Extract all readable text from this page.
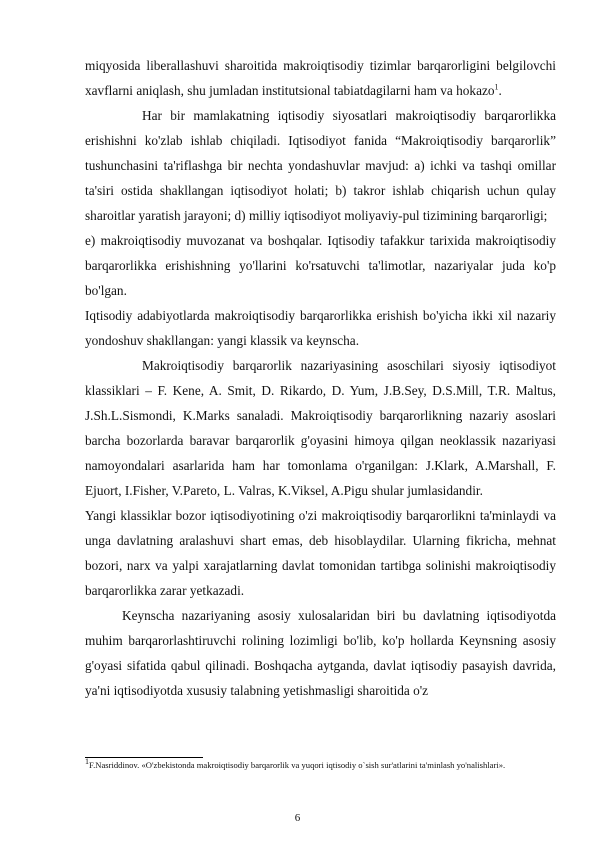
miqyosida liberallashuvi sharoitida makroiqtisodiy tizimlar barqarorligini belgilovchi xavflarni aniqlash, shu jumladan institutsional tabiatdagilarni ham va hokazo$^1$.

Har bir mamlakatning iqtisodiy siyosatlari makroiqtisodiy barqarorlikka erishishni ko'zlab ishlab chiqiladi. Iqtisodiyot fanida “Makroiqtisodiy barqarorlik” tushunchasini ta'riflashga bir nechta yondashuvlar mavjud: a) ichki va tashqi omillar ta'siri ostida shakllangan iqtisodiyot holati; b) takror ishlab chiqarish uchun qulay sharoitlar yaratish jarayoni; d) milliy iqtisodiyot moliyaviy-pul tizimining barqarorligi;

e) makroiqtisodiy muvozanat va boshqalar. Iqtisodiy tafakkur tarixida makroiqtisodiy barqarorlikka erishishning yo'llarini ko'rsatuvchi ta'limotlar, nazariyalar juda ko'p bo'lgan.

Iqtisodiy adabiyotlarda makroiqtisodiy barqarorlikka erishish bo'yicha ikki xil nazariy yondoshuv shakllangan: yangi klassik va keynscha.

Makroiqtisodiy barqarorlik nazariyasining asoschilari siyosiy iqtisodiyot klassiklari – F. Kene, A. Smit, D. Rikardo, D. Yum, J.B.Sey, D.S.Mill, T.R. Maltus, J.Sh.L.Sismondi, K.Marks sanaladi. Makroiqtisodiy barqarorlikning nazariy asoslari barcha bozorlarda baravar barqarorlik g'oyasini himoya qilgan neoklassik nazariyasi namoyondalari asarlarida ham har tomonlama o'rganilgan: J.Klark, A.Marshall, F. Ejuort, I.Fisher, V.Pareto, L. Valras, K.Viksel, A.Pigu shular jumlasidandir.

Yangi klassiklar bozor iqtisodiyotining o'zi makroiqtisodiy barqarorlikni ta'minlaydi va unga davlatning aralashuvi shart emas, deb hisoblaydilar. Ularning fikricha, mehnat bozori, narx va yalpi xarajatlarning davlat tomonidan tartibga solinishi makroiqtisodiy barqarorlikka zarar yetkazadi.

Keynscha nazariyaning asosiy xulosalaridan biri bu davlatning iqtisodiyotda muhim barqarorlashtiruvchi rolining lozimligi bo'lib, ko'p hollarda Keynsning asosiy g'oyasi sifatida qabul qilinadi. Boshqacha aytganda, davlat iqtisodiy pasayish davrida, ya'ni iqtisodiyotda xususiy talabning yetishmasligi sharoitida o'z

$^1$F.Nasriddinov. «O'zbekistonda makroiqtisodiy barqarorlik va yuqori iqtisodiy o`sish sur'atlarini ta'minlash yo'nalishlari».

6
